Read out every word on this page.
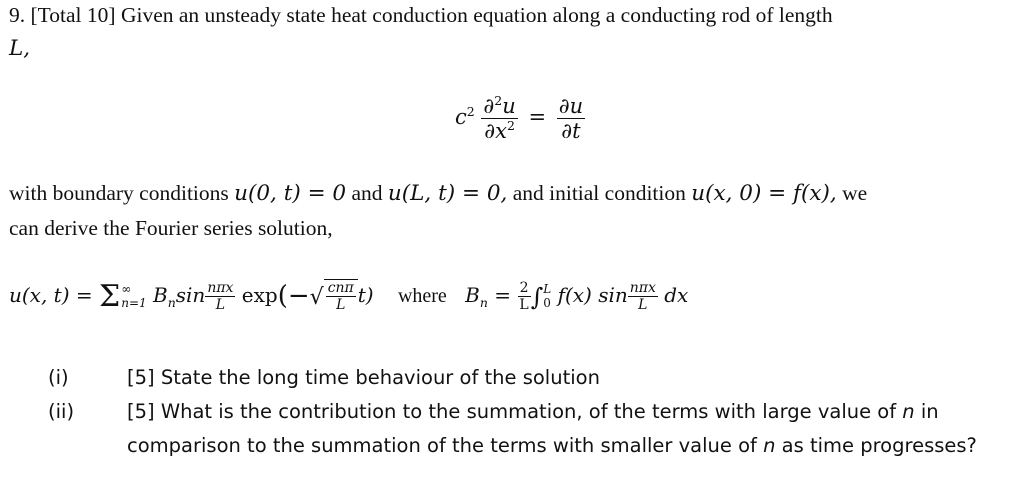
9. [Total 10] Given an unsteady state heat conduction equation along a conducting rod of length
L,
$c^2 \frac{\partial^2u}{\partial x^2} = \frac{\partial u}{\partial t}$
with boundary conditions u(0, t) = 0 and u(L, t) = 0, and initial condition u(x, 0) = f(x), we
can derive the Fourier series solution,
u(x, t) = Σ ∞
n=1 $B_n\sin \frac{\text{nπx}}{L} \exp(-√ \frac{\text{cnπ}}{L} t)$ where $B_n = \frac{2}{L}$ ∫ L
0 f(x) $\sin \frac{\text{nπx}}{L}$ dx
(i)	[5] State the long time behaviour of the solution
(ii)	[5] What is the contribution to the summation, of the terms with large value of n in
comparison to the summation of the terms with smaller value of n as time progresses?
